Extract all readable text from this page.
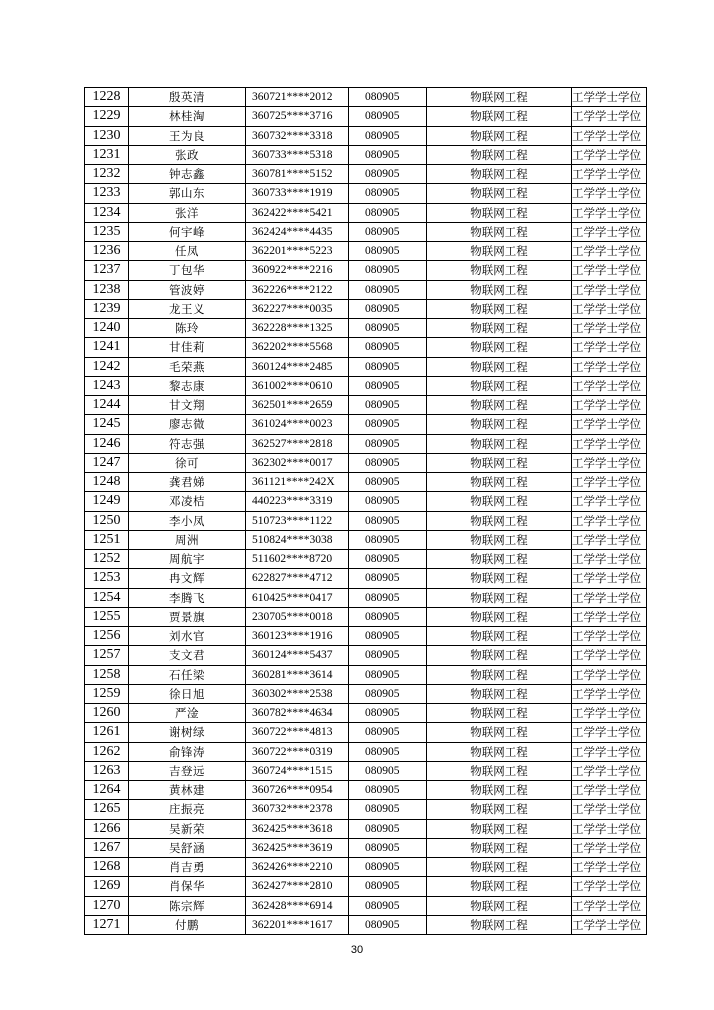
1228	殷英清	360721****2012	080905	物联网工程	工学学士学位
1229	林桂淘	360725****3716	080905	物联网工程	工学学士学位
1230	王为良	360732****3318	080905	物联网工程	工学学士学位
1231	张政	360733****5318	080905	物联网工程	工学学士学位
1232	钟志鑫	360781****5152	080905	物联网工程	工学学士学位
1233	郭山东	360733****1919	080905	物联网工程	工学学士学位
1234	张洋	362422****5421	080905	物联网工程	工学学士学位
1235	何宇峰	362424****4435	080905	物联网工程	工学学士学位
1236	任凤	362201****5223	080905	物联网工程	工学学士学位
1237	丁包华	360922****2216	080905	物联网工程	工学学士学位
1238	管波婷	362226****2122	080905	物联网工程	工学学士学位
1239	龙王义	362227****0035	080905	物联网工程	工学学士学位
1240	陈玲	362228****1325	080905	物联网工程	工学学士学位
1241	甘佳莉	362202****5568	080905	物联网工程	工学学士学位
1242	毛荣燕	360124****2485	080905	物联网工程	工学学士学位
1243	黎志康	361002****0610	080905	物联网工程	工学学士学位
1244	甘文翔	362501****2659	080905	物联网工程	工学学士学位
1245	廖志微	361024****0023	080905	物联网工程	工学学士学位
1246	符志强	362527****2818	080905	物联网工程	工学学士学位
1247	徐可	362302****0017	080905	物联网工程	工学学士学位
1248	龚君娣	361121****242X	080905	物联网工程	工学学士学位
1249	邓凌桔	440223****3319	080905	物联网工程	工学学士学位
1250	李小凤	510723****1122	080905	物联网工程	工学学士学位
1251	周洲	510824****3038	080905	物联网工程	工学学士学位
1252	周航宇	511602****8720	080905	物联网工程	工学学士学位
1253	冉文辉	622827****4712	080905	物联网工程	工学学士学位
1254	李腾飞	610425****0417	080905	物联网工程	工学学士学位
1255	贾景旗	230705****0018	080905	物联网工程	工学学士学位
1256	刘水官	360123****1916	080905	物联网工程	工学学士学位
1257	支文君	360124****5437	080905	物联网工程	工学学士学位
1258	石任梁	360281****3614	080905	物联网工程	工学学士学位
1259	徐日旭	360302****2538	080905	物联网工程	工学学士学位
1260	严淦	360782****4634	080905	物联网工程	工学学士学位
1261	谢树绿	360722****4813	080905	物联网工程	工学学士学位
1262	俞锋涛	360722****0319	080905	物联网工程	工学学士学位
1263	吉登远	360724****1515	080905	物联网工程	工学学士学位
1264	黄林建	360726****0954	080905	物联网工程	工学学士学位
1265	庄振亮	360732****2378	080905	物联网工程	工学学士学位
1266	吴新荣	362425****3618	080905	物联网工程	工学学士学位
1267	吴舒涵	362425****3619	080905	物联网工程	工学学士学位
1268	肖吉勇	362426****2210	080905	物联网工程	工学学士学位
1269	肖保华	362427****2810	080905	物联网工程	工学学士学位
1270	陈宗辉	362428****6914	080905	物联网工程	工学学士学位
1271	付鹏	362201****1617	080905	物联网工程	工学学士学位
30
